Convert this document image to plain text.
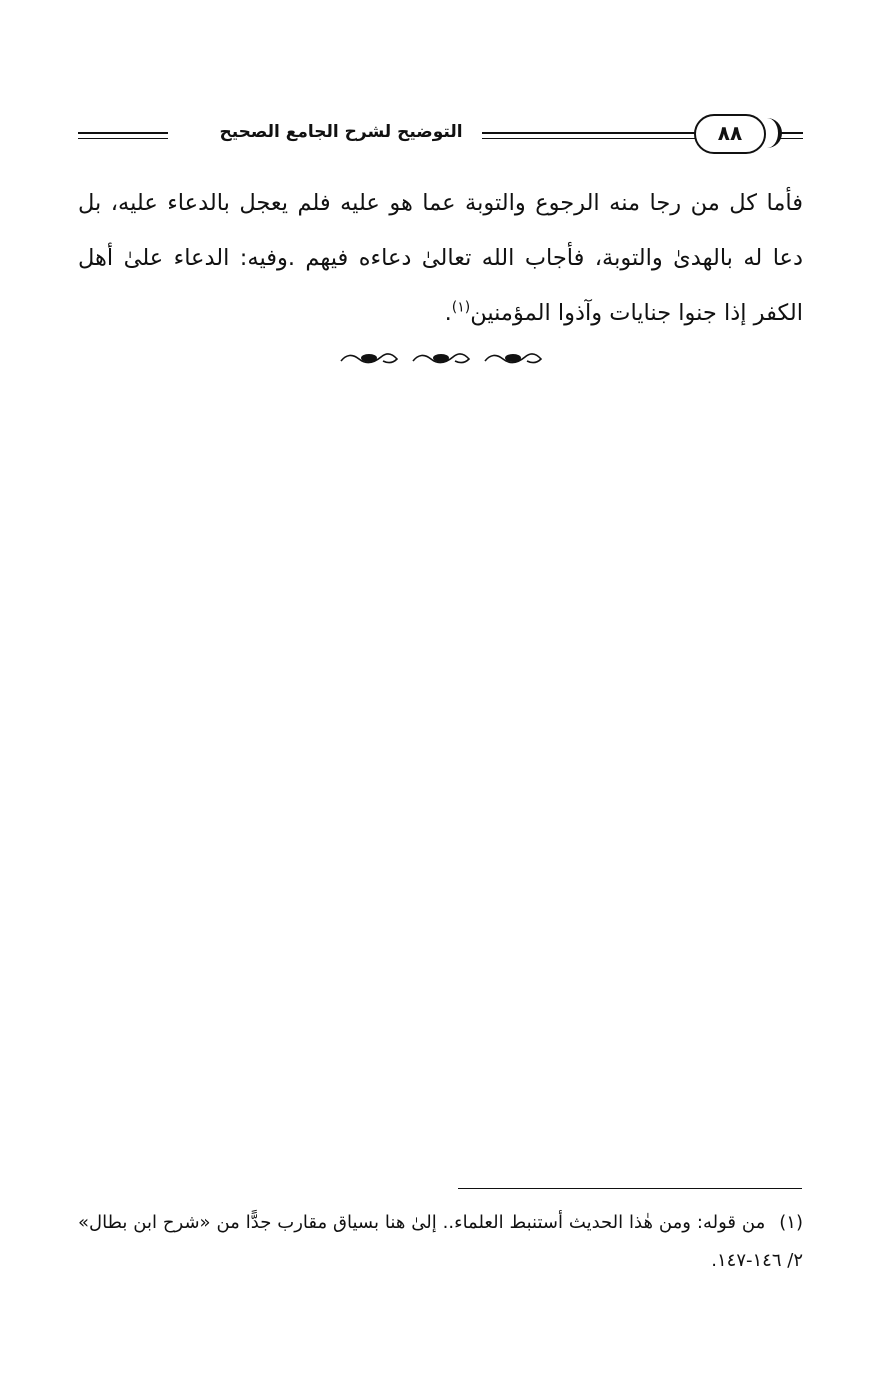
التوضيح لشرح الجامع الصحيح	٨٨
فأما كل من رجا منه الرجوع والتوبة عما هو عليه فلم يعجل بالدعاء عليه، بل دعا له بالهدىٰ والتوبة، فأجاب الله تعالىٰ دعاءه فيهم .وفيه: الدعاء علىٰ أهل الكفر إذا جنوا جنايات وآذوا المؤمنين$^{(١)}$.
(١)من قوله: ومن هٰذا الحديث أستنبط العلماء.. إلىٰ هنا بسياق مقارب جدًّا من «شرح ابن بطال» ٢/ ١٤٦-١٤٧.
